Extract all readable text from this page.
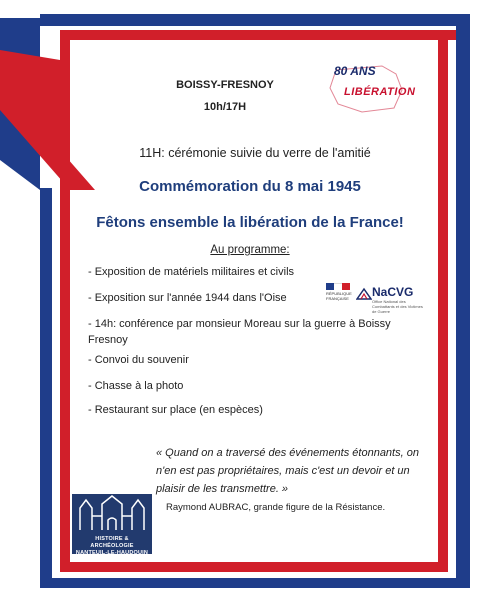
BOISSY-FRESNOY
10h/17H
80 ANS
LIBÉRATION
11H: cérémonie suivie du verre de l'amitié
Commémoration du 8 mai 1945
Fêtons ensemble la libération de la France!
Au programme:
- Exposition de matériels militaires et civils
- Exposition sur l'année 1944 dans l'Oise
- 14h: conférence par monsieur Moreau sur la guerre à Boissy Fresnoy
- Convoi du souvenir
- Chasse à la photo
- Restaurant sur place (en espèces)
RÉPUBLIQUE FRANÇAISE	NaCVG
Office National des Combattants et des Victimes de Guerre
« Quand on a traversé des événements étonnants, on n'en est pas propriétaires, mais c'est un devoir et un plaisir de les transmettre. »
Raymond AUBRAC, grande figure de la Résistance.
HISTOIRE & ARCHÉOLOGIE NANTEUIL-LE-HAUDOUIN
